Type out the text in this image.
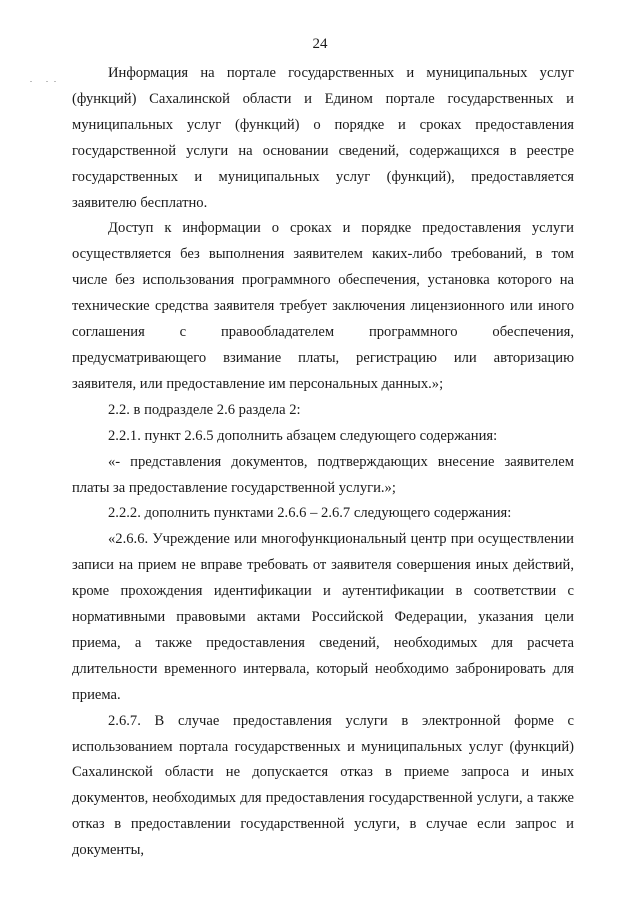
. ..
24

Информация на портале государственных и муниципальных услуг (функций) Сахалинской области и Едином портале государственных и муниципальных услуг (функций) о порядке и сроках предоставления государственной услуги на основании сведений, содержащихся в реестре государственных и муниципальных услуг (функций), предоставляется заявителю бесплатно.

Доступ к информации о сроках и порядке предоставления услуги осуществляется без выполнения заявителем каких-либо требований, в том числе без использования программного обеспечения, установка которого на технические средства заявителя требует заключения лицензионного или иного соглашения с правообладателем программного обеспечения, предусматривающего взимание платы, регистрацию или авторизацию заявителя, или предоставление им персональных данных.»;

2.2. в подразделе 2.6 раздела 2:

2.2.1. пункт 2.6.5 дополнить абзацем следующего содержания:

«- представления документов, подтверждающих внесение заявителем платы за предоставление государственной услуги.»;

2.2.2. дополнить пунктами 2.6.6 – 2.6.7 следующего содержания:

«2.6.6. Учреждение или многофункциональный центр при осуществлении записи на прием не вправе требовать от заявителя совершения иных действий, кроме прохождения идентификации и аутентификации в соответствии с нормативными правовыми актами Российской Федерации, указания цели приема, а также предоставления сведений, необходимых для расчета длительности временного интервала, который необходимо забронировать для приема.

2.6.7. В случае предоставления услуги в электронной форме с использованием портала государственных и муниципальных услуг (функций) Сахалинской области не допускается отказ в приеме запроса и иных документов, необходимых для предоставления государственной услуги, а также отказ в предоставлении государственной услуги, в случае если запрос и документы,
